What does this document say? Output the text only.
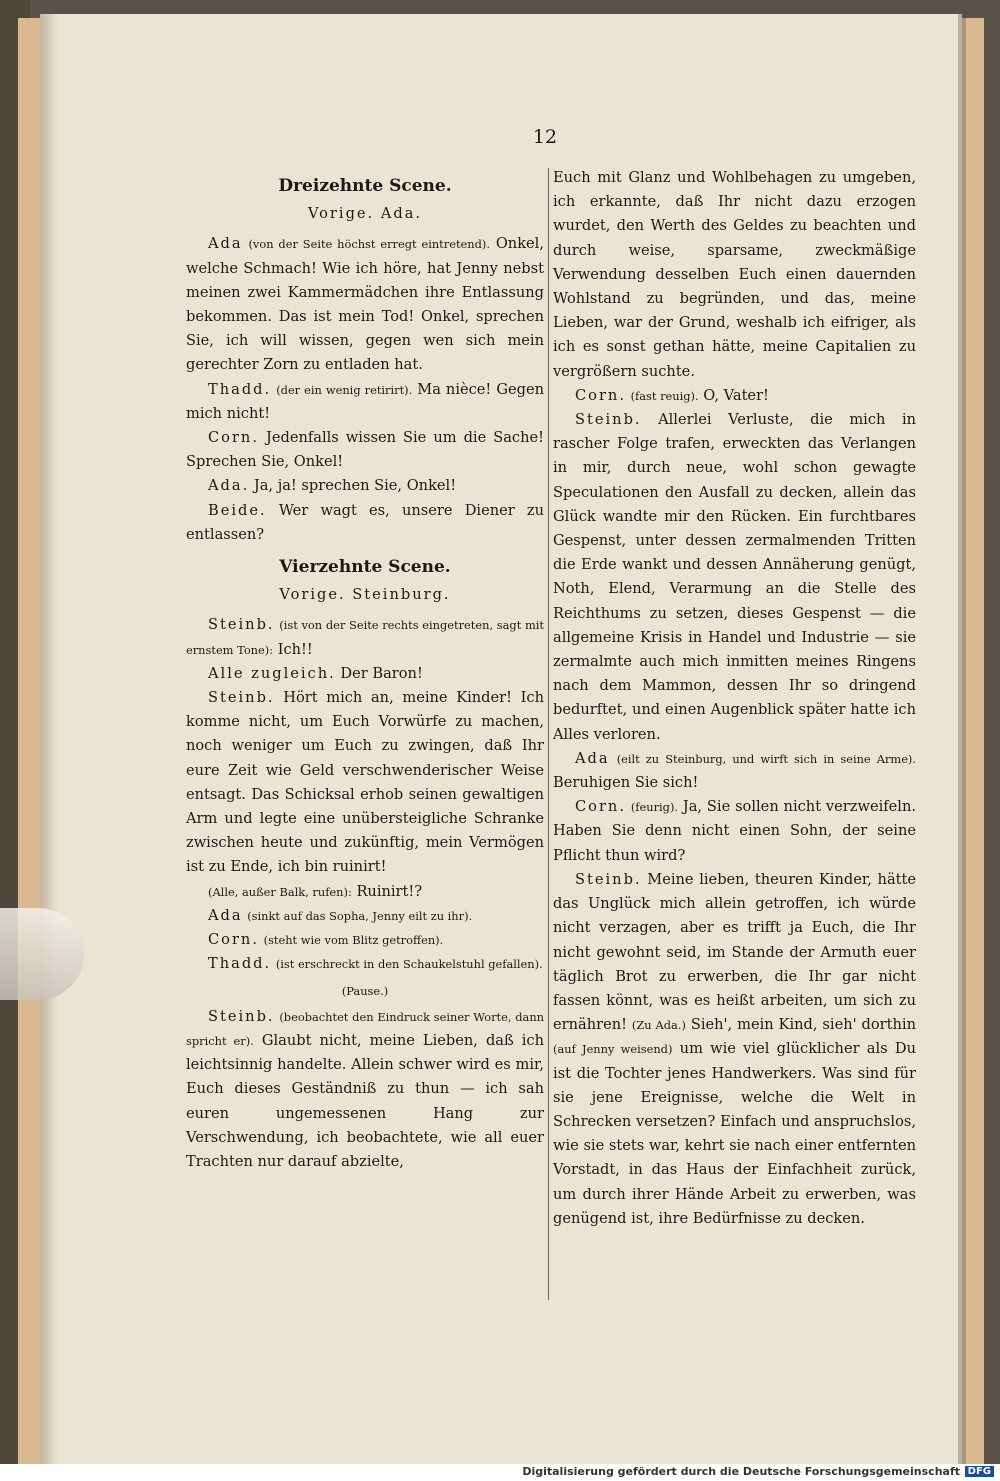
12
Dreizehnte Scene.
Vorige. Ada.

Ada (von der Seite höchst erregt eintretend). Onkel, welche Schmach! Wie ich höre, hat Jenny nebst meinen zwei Kammermädchen ihre Entlassung bekommen. Das ist mein Tod! Onkel, sprechen Sie, ich will wissen, gegen wen sich mein gerechter Zorn zu entladen hat.

Thadd. (der ein wenig retirirt). Ma nièce! Gegen mich nicht!

Corn. Jedenfalls wissen Sie um die Sache! Sprechen Sie, Onkel!

Ada. Ja, ja! sprechen Sie, Onkel!

Beide. Wer wagt es, unsere Diener zu entlassen?

Vierzehnte Scene.
Vorige. Steinburg.

Steinb. (ist von der Seite rechts eingetreten, sagt mit ernstem Tone): Ich!!

Alle zugleich. Der Baron!

Steinb. Hört mich an, meine Kinder! Ich komme nicht, um Euch Vorwürfe zu machen, noch weniger um Euch zu zwingen, daß Ihr eure Zeit wie Geld verschwenderischer Weise entsagt. Das Schicksal erhob seinen gewaltigen Arm und legte eine unübersteigliche Schranke zwischen heute und zukünftig, mein Vermögen ist zu Ende, ich bin ruinirt!

(Alle, außer Balk, rufen): Ruinirt!?

Ada (sinkt auf das Sopha, Jenny eilt zu ihr).

Corn. (steht wie vom Blitz getroffen).

Thadd. (ist erschreckt in den Schaukelstuhl gefallen).

(Pause.)

Steinb. (beobachtet den Eindruck seiner Worte, dann spricht er). Glaubt nicht, meine Lieben, daß ich leichtsinnig handelte. Allein schwer wird es mir, Euch dieses Geständniß zu thun — ich sah euren ungemessenen Hang zur Verschwendung, ich beobachtete, wie all euer Trachten nur darauf abzielte,

Euch mit Glanz und Wohlbehagen zu umgeben, ich erkannte, daß Ihr nicht dazu erzogen wurdet, den Werth des Geldes zu beachten und durch weise, sparsame, zweckmäßige Verwendung desselben Euch einen dauernden Wohlstand zu begründen, und das, meine Lieben, war der Grund, weshalb ich eifriger, als ich es sonst gethan hätte, meine Capitalien zu vergrößern suchte.

Corn. (fast reuig). O, Vater!

Steinb. Allerlei Verluste, die mich in rascher Folge trafen, erweckten das Verlangen in mir, durch neue, wohl schon gewagte Speculationen den Ausfall zu decken, allein das Glück wandte mir den Rücken. Ein furchtbares Gespenst, unter dessen zermalmenden Tritten die Erde wankt und dessen Annäherung genügt, Noth, Elend, Verarmung an die Stelle des Reichthums zu setzen, dieses Gespenst — die allgemeine Krisis in Handel und Industrie — sie zermalmte auch mich inmitten meines Ringens nach dem Mammon, dessen Ihr so dringend bedurftet, und einen Augenblick später hatte ich Alles verloren.

Ada (eilt zu Steinburg, und wirft sich in seine Arme). Beruhigen Sie sich!

Corn. (feurig). Ja, Sie sollen nicht verzweifeln. Haben Sie denn nicht einen Sohn, der seine Pflicht thun wird?

Steinb. Meine lieben, theuren Kinder, hätte das Unglück mich allein getroffen, ich würde nicht verzagen, aber es trifft ja Euch, die Ihr nicht gewohnt seid, im Stande der Armuth euer täglich Brot zu erwerben, die Ihr gar nicht fassen könnt, was es heißt arbeiten, um sich zu ernähren! (Zu Ada.) Sieh', mein Kind, sieh' dorthin (auf Jenny weisend) um wie viel glücklicher als Du ist die Tochter jenes Handwerkers. Was sind für sie jene Ereignisse, welche die Welt in Schrecken versetzen? Einfach und anspruchslos, wie sie stets war, kehrt sie nach einer entfernten Vorstadt, in das Haus der Einfachheit zurück, um durch ihrer Hände Arbeit zu erwerben, was genügend ist, ihre Bedürfnisse zu decken.

Digitalisierung gefördert durch die Deutsche Forschungsgemeinschaft DFG
